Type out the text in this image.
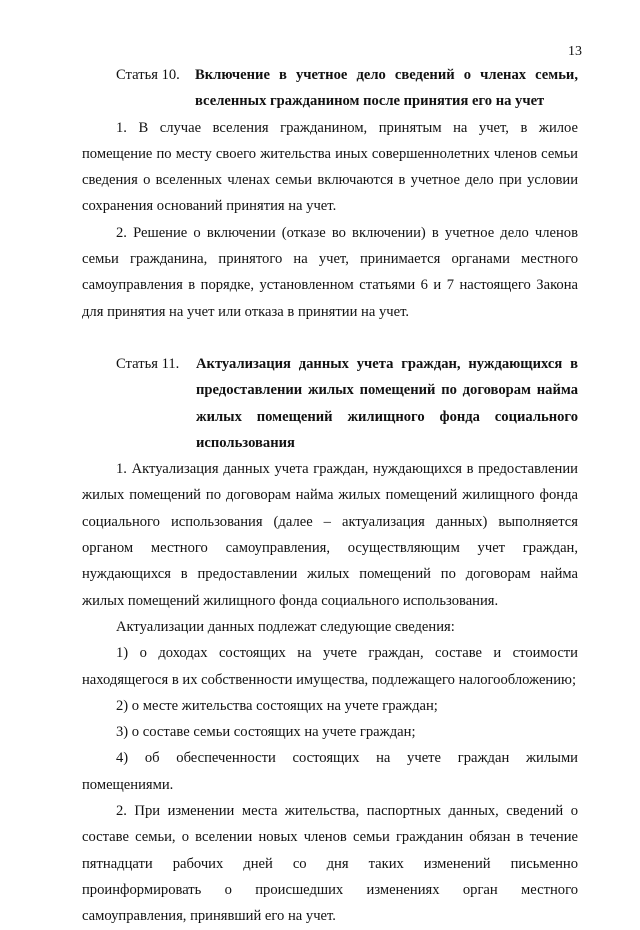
13
Статья 10.	Включение в учетное дело сведений о членах семьи, вселенных гражданином после принятия его на учет

1. В случае вселения гражданином, принятым на учет, в жилое помещение по месту своего жительства иных совершеннолетних членов семьи сведения о вселенных членах семьи включаются в учетное дело при условии сохранения оснований принятия на учет.

2. Решение о включении (отказе во включении) в учетное дело членов семьи гражданина, принятого на учет, принимается органами местного самоуправления в порядке, установленном статьями 6 и 7 настоящего Закона для принятия на учет или отказа в принятии на учет.

Статья 11.	Актуализация данных учета граждан, нуждающихся в предоставлении жилых помещений по договорам найма жилых помещений жилищного фонда социального использования

1. Актуализация данных учета граждан, нуждающихся в предоставлении жилых помещений по договорам найма жилых помещений жилищного фонда социального использования (далее – актуализация данных) выполняется органом местного самоуправления, осуществляющим учет граждан, нуждающихся в предоставлении жилых помещений по договорам найма жилых помещений жилищного фонда социального использования.

Актуализации данных подлежат следующие сведения:

1) о доходах состоящих на учете граждан, составе и стоимости находящегося в их собственности имущества, подлежащего налогообложению;

2) о месте жительства состоящих на учете граждан;

3) о составе семьи состоящих на учете граждан;

4) об обеспеченности состоящих на учете граждан жилыми помещениями.

2. При изменении места жительства, паспортных данных, сведений о составе семьи, о вселении новых членов семьи гражданин обязан в течение пятнадцати рабочих дней со дня таких изменений письменно проинформировать о происшедших изменениях орган местного самоуправления, принявший его на учет.
